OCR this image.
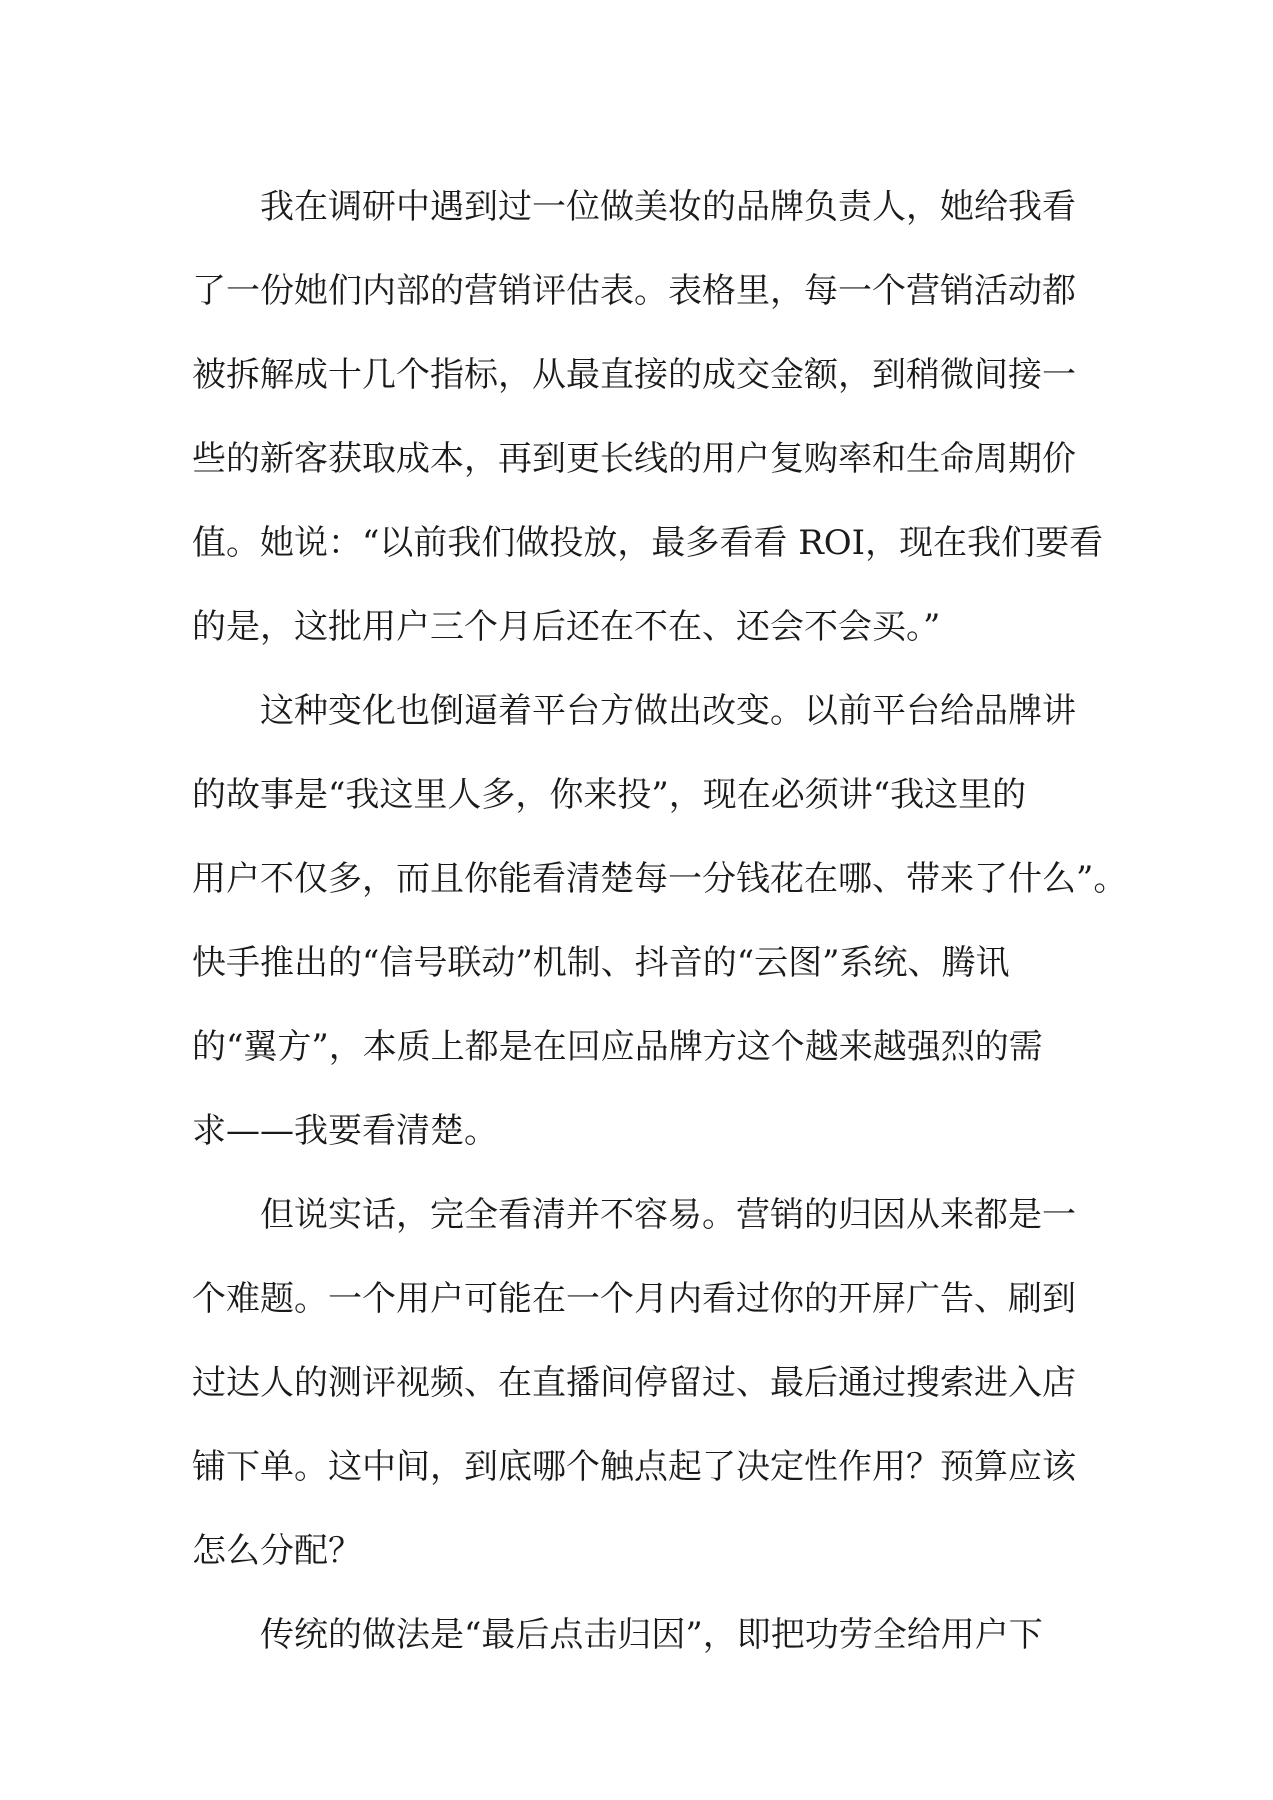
我在调研中遇到过一位做美妆的品牌负责人，她给我看
了一份她们内部的营销评估表。表格里，每一个营销活动都
被拆解成十几个指标，从最直接的成交金额，到稍微间接一
些的新客获取成本，再到更长线的用户复购率和生命周期价
值。她说：“以前我们做投放，最多看看 ROI，现在我们要看
的是，这批用户三个月后还在不在、还会不会买。”
这种变化也倒逼着平台方做出改变。以前平台给品牌讲
的故事是“我这里人多，你来投”，现在必须讲“我这里的
用户不仅多，而且你能看清楚每一分钱花在哪、带来了什么”。
快手推出的“信号联动”机制、抖音的“云图”系统、腾讯
的“翼方”，本质上都是在回应品牌方这个越来越强烈的需
求——我要看清楚。
但说实话，完全看清并不容易。营销的归因从来都是一
个难题。一个用户可能在一个月内看过你的开屏广告、刷到
过达人的测评视频、在直播间停留过、最后通过搜索进入店
铺下单。这中间，到底哪个触点起了决定性作用？预算应该
怎么分配？
传统的做法是“最后点击归因”，即把功劳全给用户下
